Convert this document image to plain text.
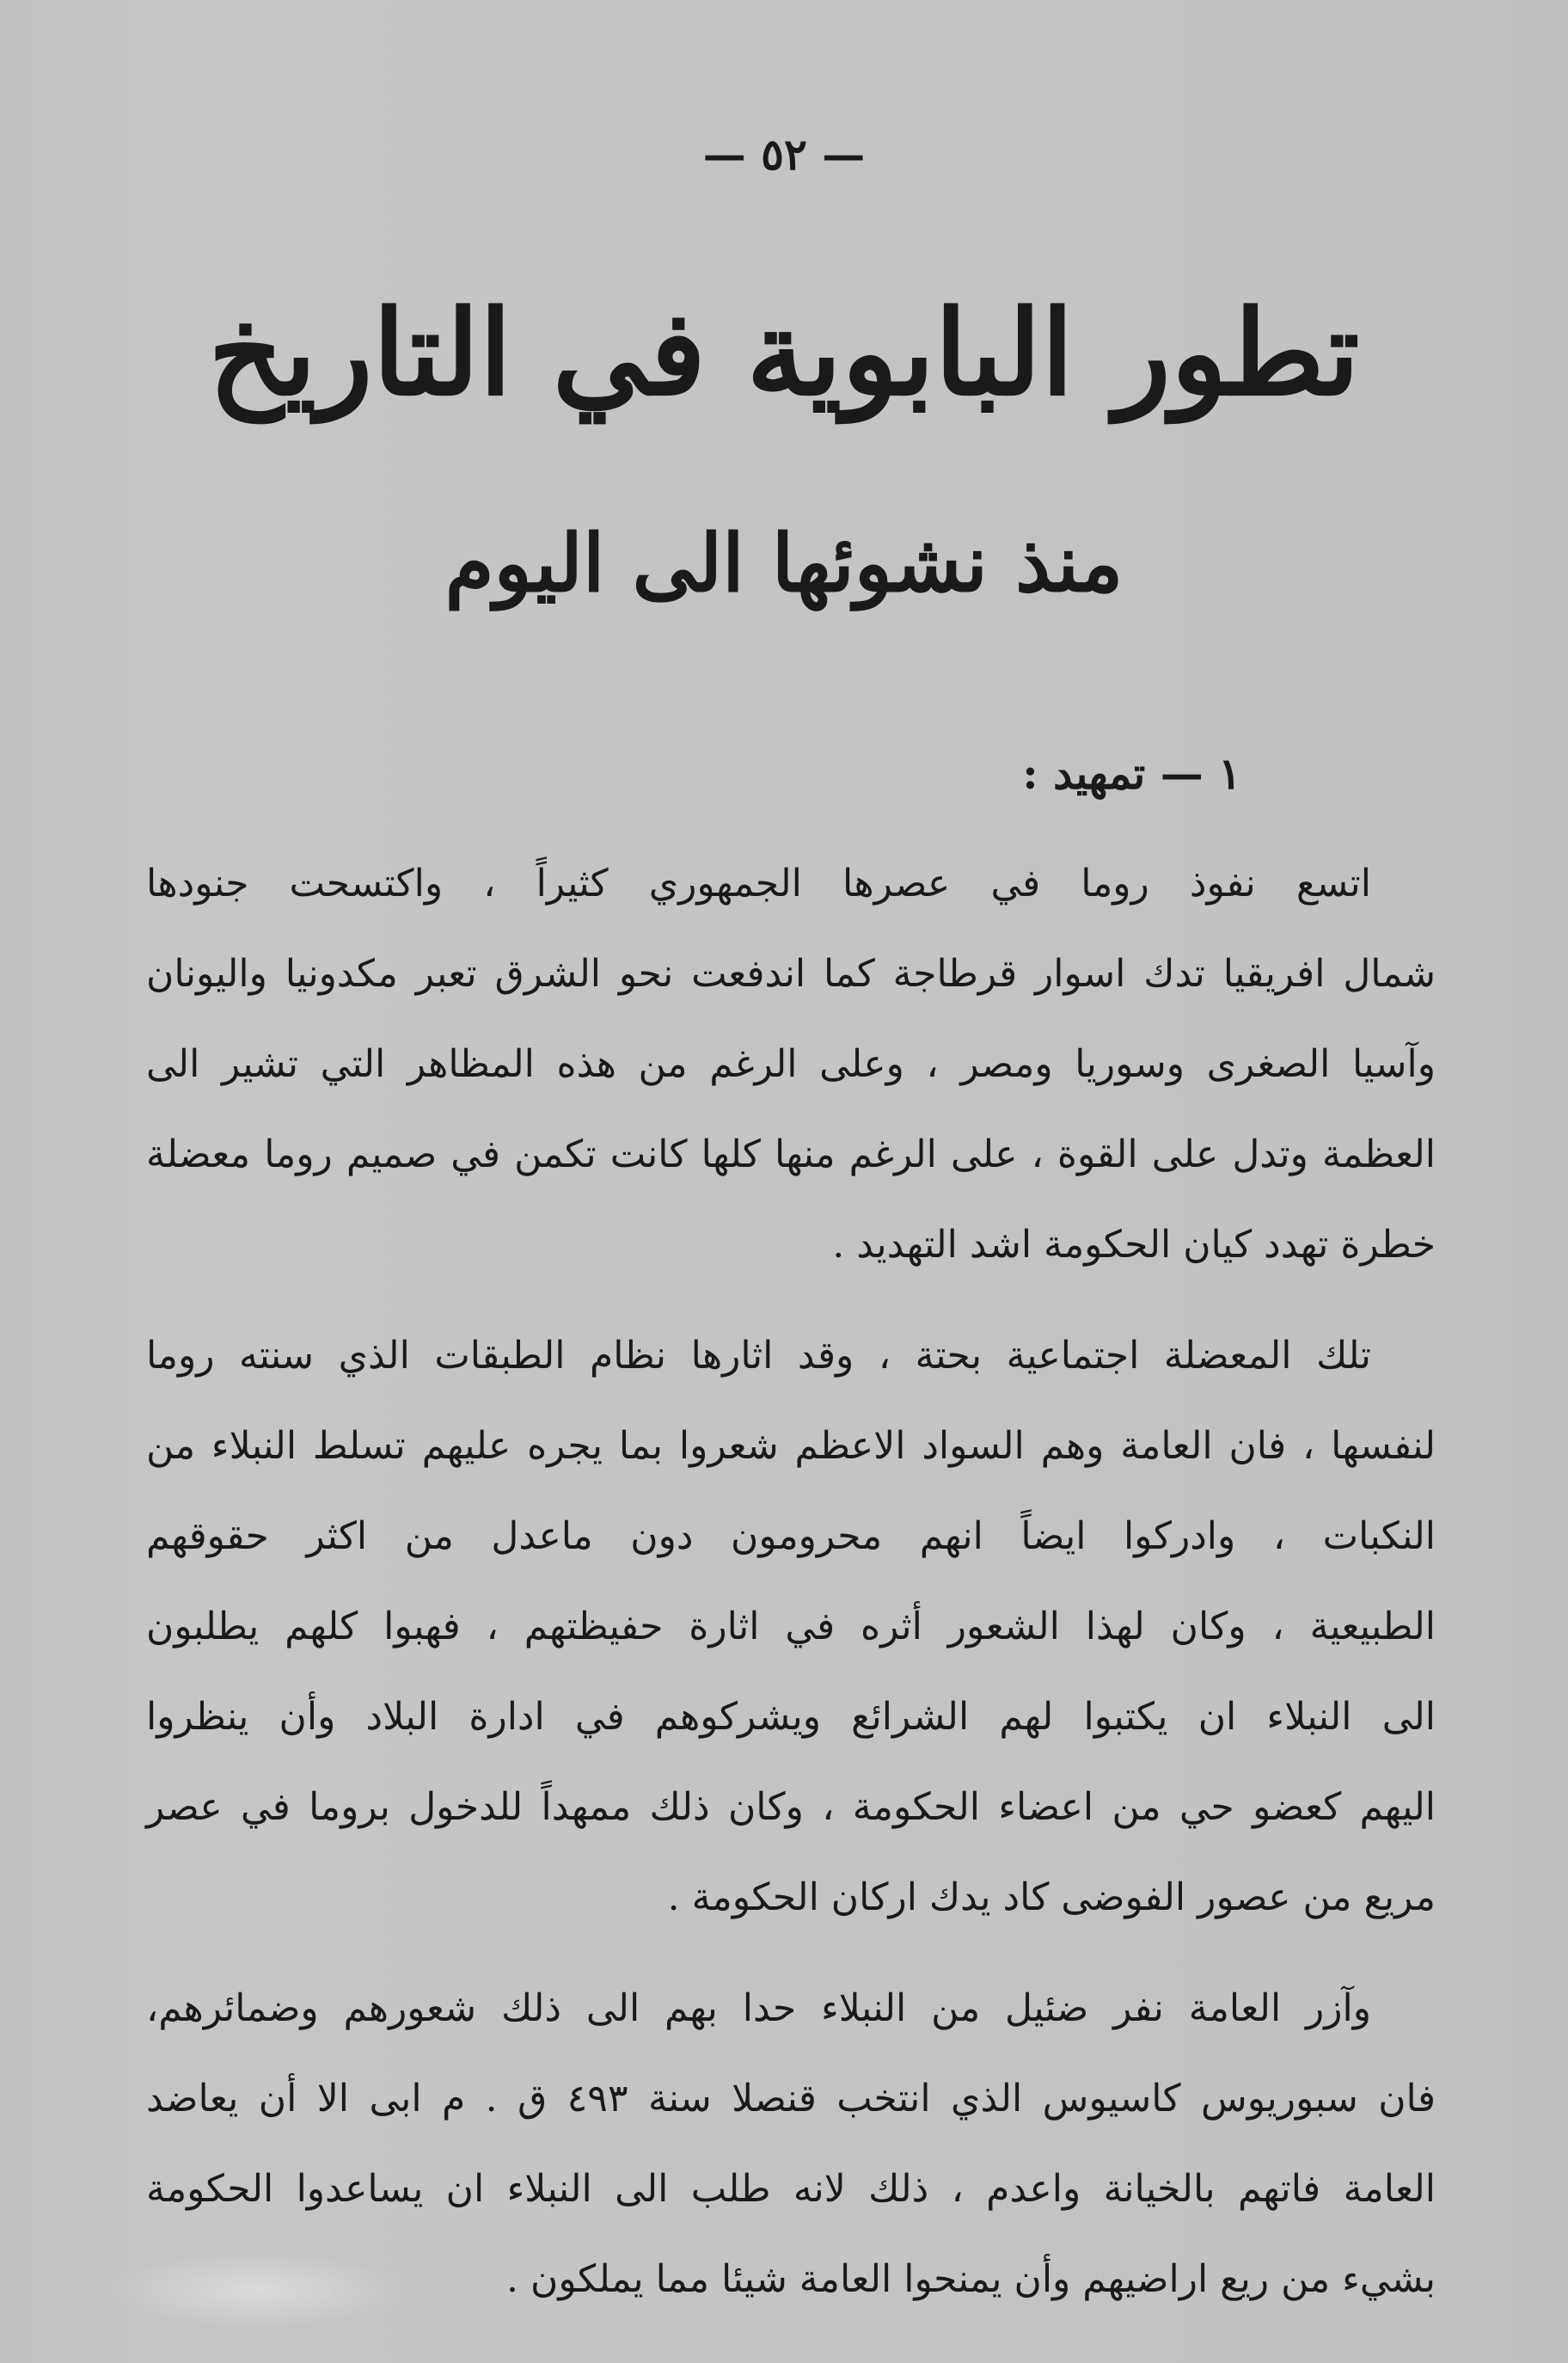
— ٥٢ —
تطور البابوية في التاريخ
منذ نشوئها الى اليوم
١ — تمهيد :

اتسع نفوذ روما في عصرها الجمهوري كثيراً ، واكتسحت جنودها
شمال افريقيا تدك اسوار قرطاجة كما اندفعت نحو الشرق تعبر مكدونيا واليونان
وآسيا الصغرى وسوريا ومصر ، وعلى الرغم من هذه المظاهر التي تشير الى
العظمة وتدل على القوة ، على الرغم منها كلها كانت تكمن في صميم روما معضلة
خطرة تهدد كيان الحكومة اشد التهديد .

تلك المعضلة اجتماعية بحتة ، وقد اثارها نظام الطبقات الذي سنته روما
لنفسها ، فان العامة وهم السواد الاعظم شعروا بما يجره عليهم تسلط النبلاء من
النكبات ، وادركوا ايضاً انهم محرومون دون ماعدل من اكثر حقوقهم
الطبيعية ، وكان لهذا الشعور أثره في اثارة حفيظتهم ، فهبوا كلهم يطلبون
الى النبلاء ان يكتبوا لهم الشرائع ويشركوهم في ادارة البلاد وأن ينظروا
اليهم كعضو حي من اعضاء الحكومة ، وكان ذلك ممهداً للدخول بروما في عصر
مريع من عصور الفوضى كاد يدك اركان الحكومة .

وآزر العامة نفر ضئيل من النبلاء حدا بهم الى ذلك شعورهم وضمائرهم،
فان سبوريوس كاسيوس الذي انتخب قنصلا سنة ٤٩٣ ق . م ابى الا أن يعاضد
العامة فاتهم بالخيانة واعدم ، ذلك لانه طلب الى النبلاء ان يساعدوا الحكومة
بشيء من ريع اراضيهم وأن يمنحوا العامة شيئا مما يملكون .
